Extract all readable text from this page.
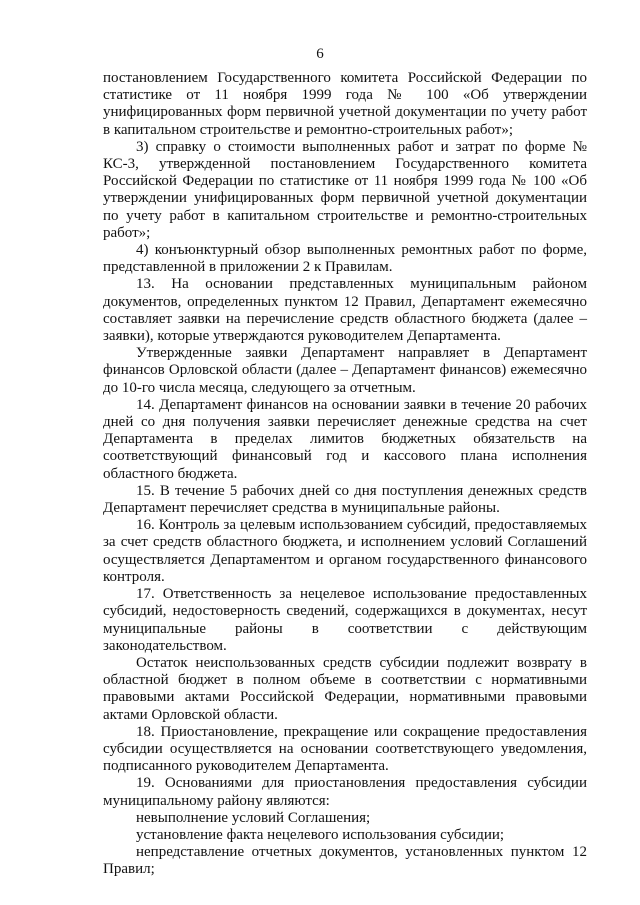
6

постановлением Государственного комитета Российской Федерации по статистике от 11 ноября 1999 года № 100 «Об утверждении унифицированных форм первичной учетной документации по учету работ в капитальном строительстве и ремонтно-строительных работ»;

3) справку о стоимости выполненных работ и затрат по форме № КС-3, утвержденной постановлением Государственного комитета Российской Федерации по статистике от 11 ноября 1999 года № 100 «Об утверждении унифицированных форм первичной учетной документации по учету работ в капитальном строительстве и ремонтно-строительных работ»;

4) конъюнктурный обзор выполненных ремонтных работ по форме, представленной в приложении 2 к Правилам.

13. На основании представленных муниципальным районом документов, определенных пунктом 12 Правил, Департамент ежемесячно составляет заявки на перечисление средств областного бюджета (далее – заявки), которые утверждаются руководителем Департамента.

Утвержденные заявки Департамент направляет в Департамент финансов Орловской области (далее – Департамент финансов) ежемесячно до 10-го числа месяца, следующего за отчетным.

14. Департамент финансов на основании заявки в течение 20 рабочих дней со дня получения заявки перечисляет денежные средства на счет Департамента в пределах лимитов бюджетных обязательств на соответствующий финансовый год и кассового плана исполнения областного бюджета.

15. В течение 5 рабочих дней со дня поступления денежных средств Департамент перечисляет средства в муниципальные районы.

16. Контроль за целевым использованием субсидий, предоставляемых за счет средств областного бюджета, и исполнением условий Соглашений осуществляется Департаментом и органом государственного финансового контроля.

17. Ответственность за нецелевое использование предоставленных субсидий, недостоверность сведений, содержащихся в документах, несут муниципальные районы в соответствии с действующим законодательством.

Остаток неиспользованных средств субсидии подлежит возврату в областной бюджет в полном объеме в соответствии с нормативными правовыми актами Российской Федерации, нормативными правовыми актами Орловской области.

18. Приостановление, прекращение или сокращение предоставления субсидии осуществляется на основании соответствующего уведомления, подписанного руководителем Департамента.

19. Основаниями для приостановления предоставления субсидии муниципальному району являются:

невыполнение условий Соглашения;

установление факта нецелевого использования субсидии;

непредставление отчетных документов, установленных пунктом 12 Правил;
